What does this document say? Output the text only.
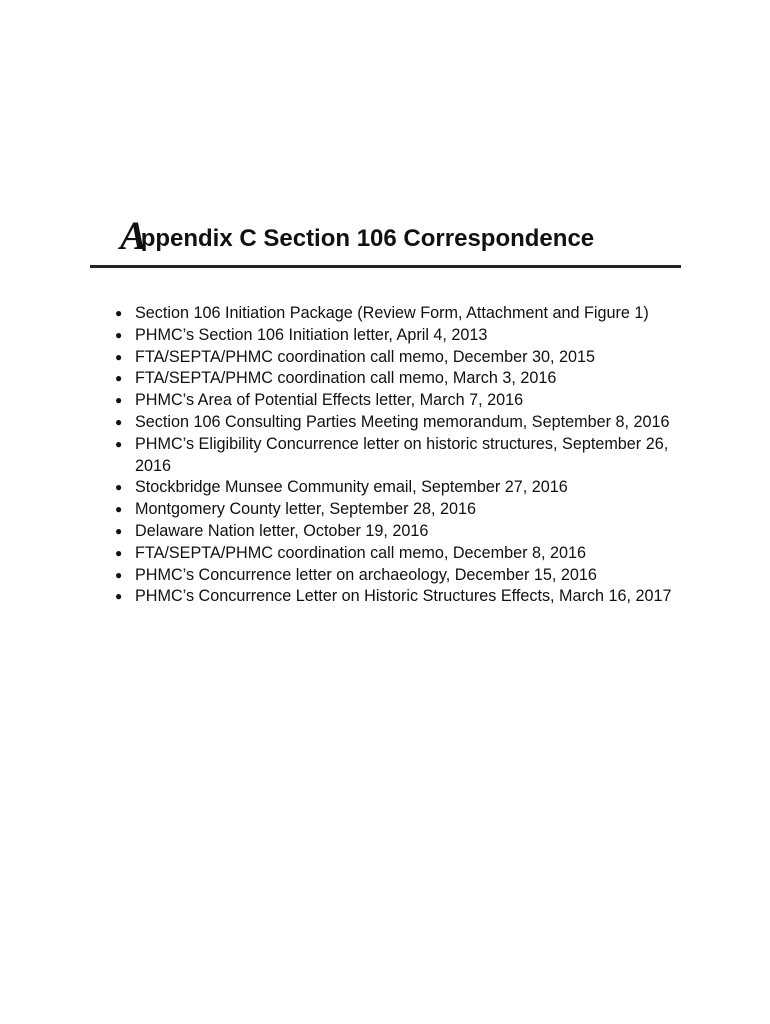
Appendix C Section 106 Correspondence
● Section 106 Initiation Package (Review Form, Attachment and Figure 1)
● PHMC’s Section 106 Initiation letter, April 4, 2013
● FTA/SEPTA/PHMC coordination call memo, December 30, 2015
● FTA/SEPTA/PHMC coordination call memo, March 3, 2016
● PHMC’s Area of Potential Effects letter, March 7, 2016
● Section 106 Consulting Parties Meeting memorandum, September 8, 2016
● PHMC’s Eligibility Concurrence letter on historic structures, September 26, 2016
● Stockbridge Munsee Community email, September 27, 2016
● Montgomery County letter, September 28, 2016
● Delaware Nation letter, October 19, 2016
● FTA/SEPTA/PHMC coordination call memo, December 8, 2016
● PHMC’s Concurrence letter on archaeology, December 15, 2016
● PHMC’s Concurrence Letter on Historic Structures Effects, March 16, 2017
